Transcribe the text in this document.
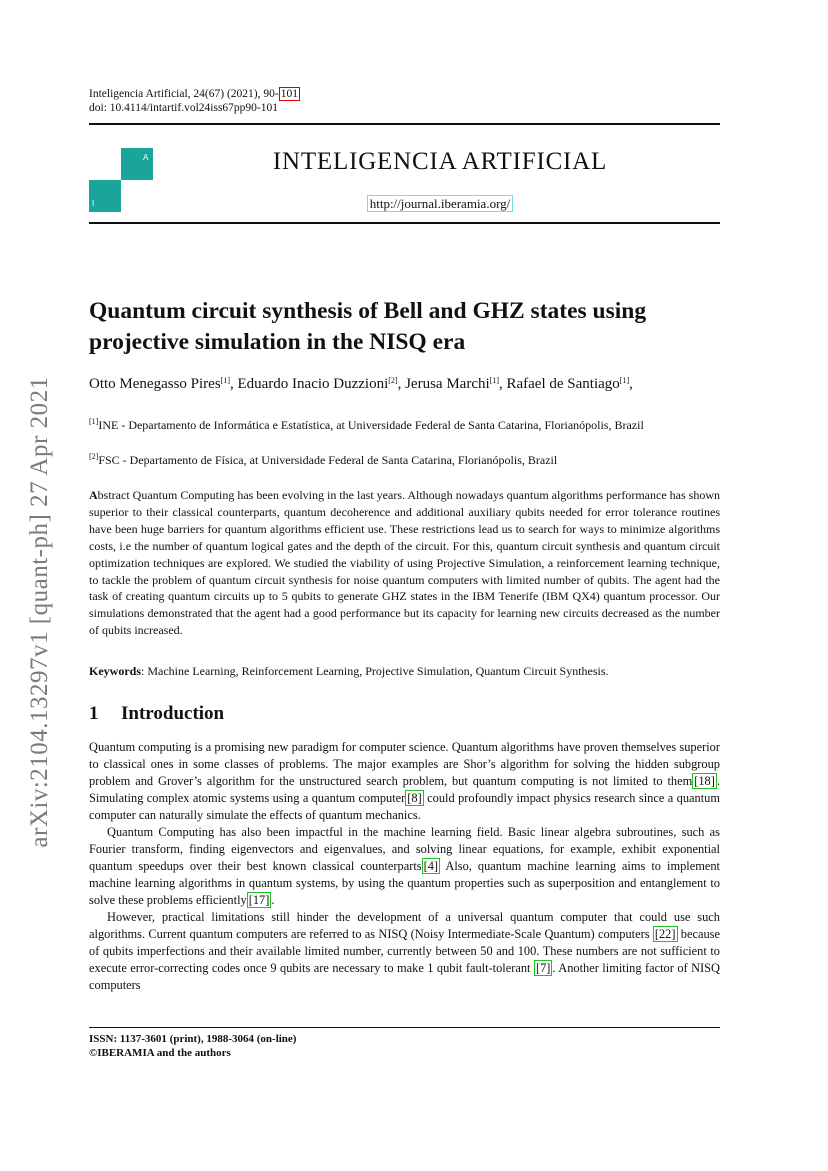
arXiv:2104.13297v1 [quant-ph] 27 Apr 2021
Inteligencia Artificial, 24(67) (2021), 90- 101
doi: 10.4114/intartif.vol24iss67pp90-101
A
I
INTELIGENCIA ARTIFICIAL
http://journal.iberamia.org/
Quantum circuit synthesis of Bell and GHZ states using projective simulation in the NISQ era
Otto Menegasso Pires[1], Eduardo Inacio Duzzioni[2], Jerusa Marchi[1], Rafael de Santiago[1],
[1]INE - Departamento de Informática e Estatística, at Universidade Federal de Santa Catarina, Florianópolis, Brazil
[2]FSC - Departamento de Física, at Universidade Federal de Santa Catarina, Florianópolis, Brazil
Abstract Quantum Computing has been evolving in the last years. Although nowadays quantum algorithms performance has shown superior to their classical counterparts, quantum decoherence and additional auxiliary qubits needed for error tolerance routines have been huge barriers for quantum algorithms efficient use. These restrictions lead us to search for ways to minimize algorithms costs, i.e the number of quantum logical gates and the depth of the circuit. For this, quantum circuit synthesis and quantum circuit optimization techniques are explored. We studied the viability of using Projective Simulation, a reinforcement learning technique, to tackle the problem of quantum circuit synthesis for noise quantum computers with limited number of qubits. The agent had the task of creating quantum circuits up to 5 qubits to generate GHZ states in the IBM Tenerife (IBM QX4) quantum processor. Our simulations demonstrated that the agent had a good performance but its capacity for learning new circuits decreased as the number of qubits increased.
Keywords: Machine Learning, Reinforcement Learning, Projective Simulation, Quantum Circuit Synthesis.
1 Introduction

Quantum computing is a promising new paradigm for computer science. Quantum algorithms have proven themselves superior to classical ones in some classes of problems. The major examples are Shor’s algorithm for solving the hidden subgroup problem and Grover’s algorithm for the unstructured search problem, but quantum computing is not limited to them [18] . Simulating complex atomic systems using a quantum computer [8] could profoundly impact physics research since a quantum computer can naturally simulate the effects of quantum mechanics.

Quantum Computing has also been impactful in the machine learning field. Basic linear algebra subroutines, such as Fourier transform, finding eigenvectors and eigenvalues, and solving linear equations, for example, exhibit exponential quantum speedups over their best known classical counterparts [4] Also, quantum machine learning aims to implement machine learning algorithms in quantum systems, by using the quantum properties such as superposition and entanglement to solve these problems efficiently [17] .

However, practical limitations still hinder the development of a universal quantum computer that could use such algorithms. Current quantum computers are referred to as NISQ (Noisy Intermediate-Scale Quantum) computers [22] because of qubits imperfections and their available limited number, currently between 50 and 100. These numbers are not sufficient to execute error-correcting codes once 9 qubits are necessary to make 1 qubit fault-tolerant [7] . Another limiting factor of NISQ computers

ISSN: 1137-3601 (print), 1988-3064 (on-line)
©IBERAMIA and the authors
